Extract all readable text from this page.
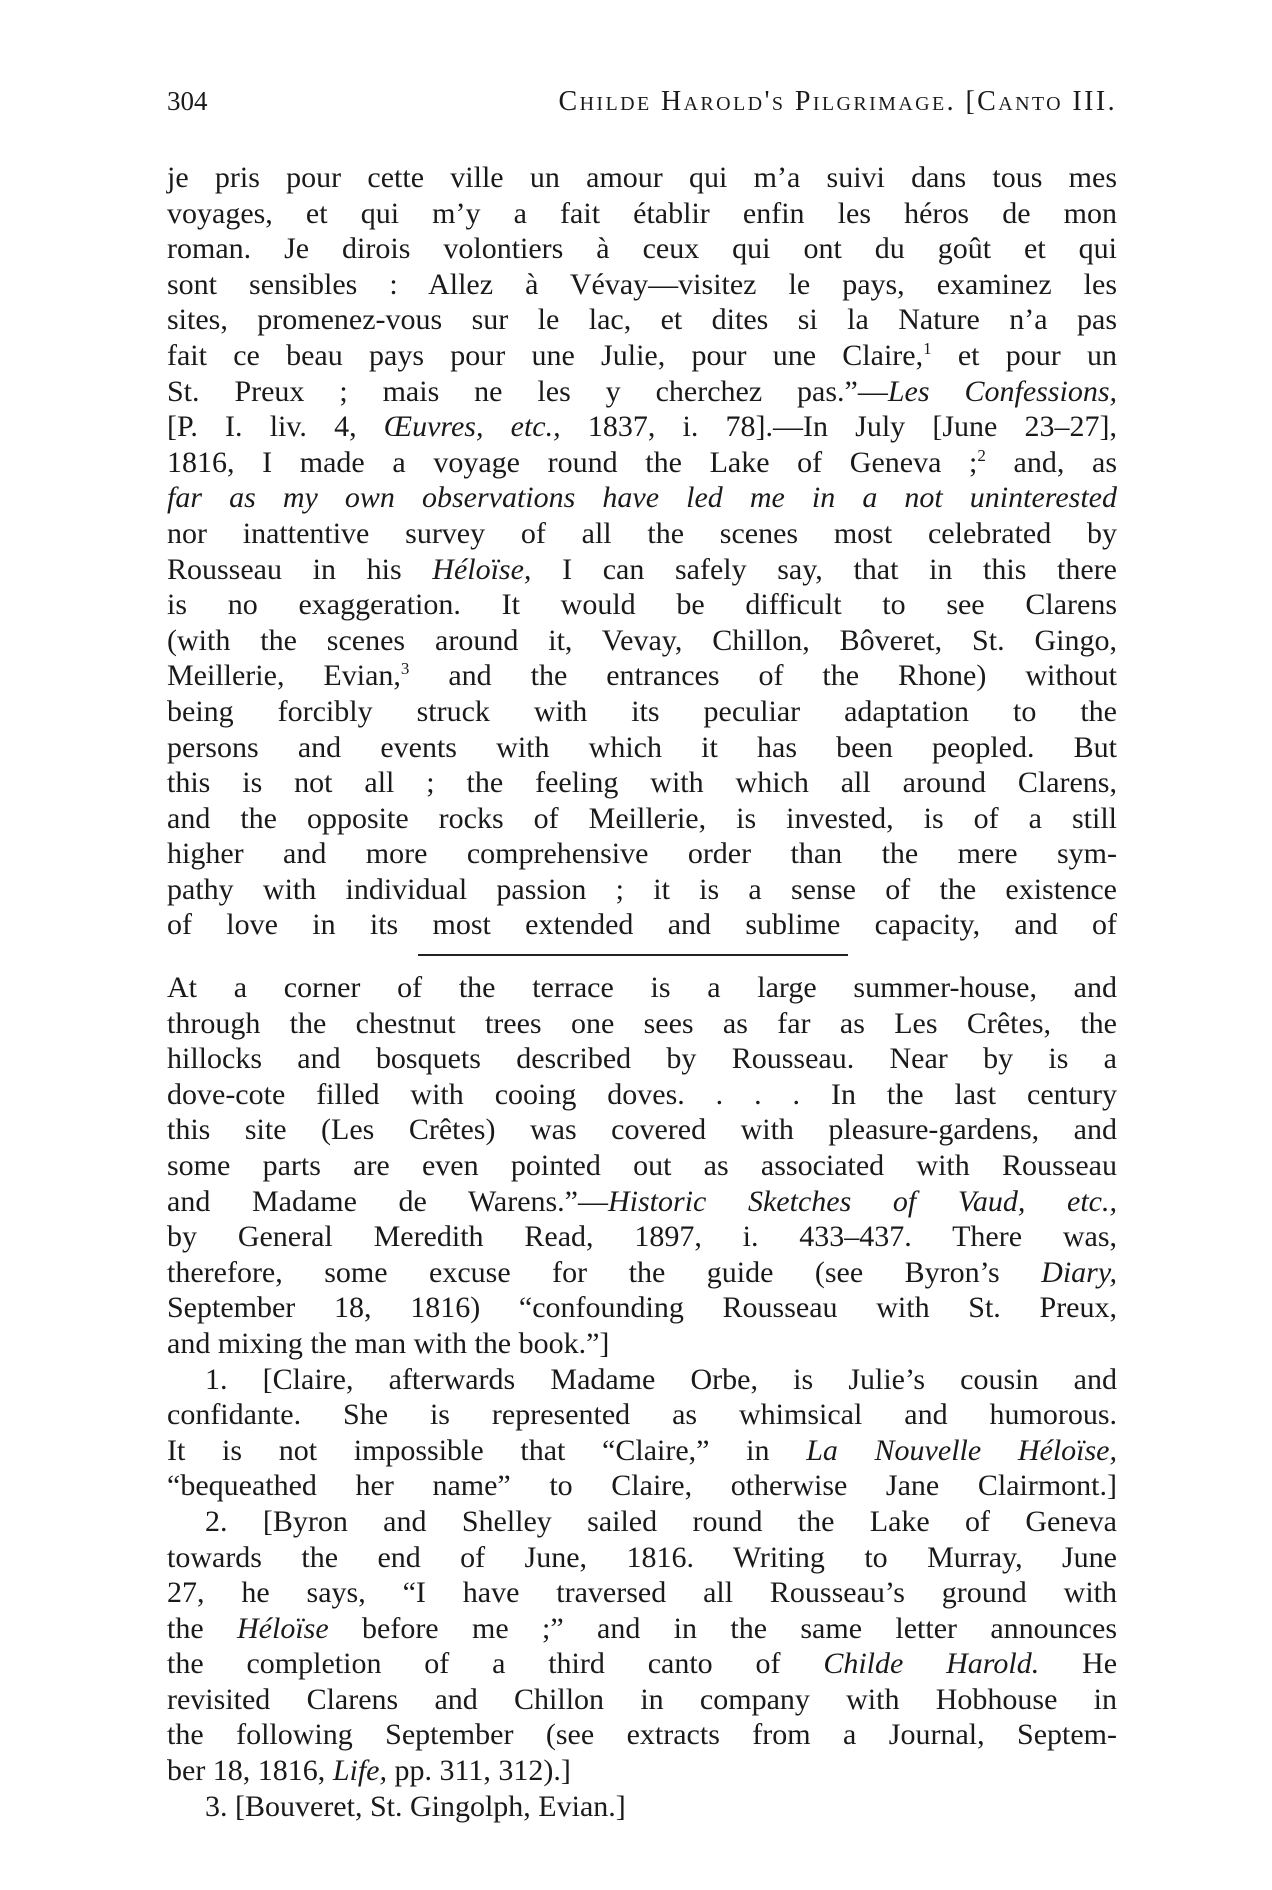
304	Childe Harold's Pilgrimage. [Canto III.
je pris pour cette ville un amour qui m’a suivi dans tous mes
voyages, et qui m’y a fait établir enfin les héros de mon
roman. Je dirois volontiers à ceux qui ont du goût et qui
sont sensibles : Allez à Vévay—visitez le pays, examinez les
sites, promenez-vous sur le lac, et dites si la Nature n’a pas
fait ce beau pays pour une Julie, pour une Claire,$^1$ et pour un
St. Preux ; mais ne les y cherchez pas.”—Les Confessions,
[P. I. liv. 4, Œuvres, etc., 1837, i. 78].—In July [June 23–27],
1816, I made a voyage round the Lake of Geneva ;$^2$ and, as
far as my own observations have led me in a not uninterested
nor inattentive survey of all the scenes most celebrated by
Rousseau in his Héloïse, I can safely say, that in this there
is no exaggeration. It would be difficult to see Clarens
(with the scenes around it, Vevay, Chillon, Bôveret, St. Gingo,
Meillerie, Evian,$^3$ and the entrances of the Rhone) without
being forcibly struck with its peculiar adaptation to the
persons and events with which it has been peopled. But
this is not all ; the feeling with which all around Clarens,
and the opposite rocks of Meillerie, is invested, is of a still
higher and more comprehensive order than the mere sym-
pathy with individual passion ; it is a sense of the existence
of love in its most extended and sublime capacity, and of
At a corner of the terrace is a large summer-house, and
through the chestnut trees one sees as far as Les Crêtes, the
hillocks and bosquets described by Rousseau. Near by is a
dove-cote filled with cooing doves. . . . In the last century
this site (Les Crêtes) was covered with pleasure-gardens, and
some parts are even pointed out as associated with Rousseau
and Madame de Warens.”—Historic Sketches of Vaud, etc.,
by General Meredith Read, 1897, i. 433–437. There was,
therefore, some excuse for the guide (see Byron’s Diary,
September 18, 1816) “confounding Rousseau with St. Preux,
and mixing the man with the book.”]
1. [Claire, afterwards Madame Orbe, is Julie’s cousin and
confidante. She is represented as whimsical and humorous.
It is not impossible that “Claire,” in La Nouvelle Héloïse,
“bequeathed her name” to Claire, otherwise Jane Clairmont.]
2. [Byron and Shelley sailed round the Lake of Geneva
towards the end of June, 1816. Writing to Murray, June
27, he says, “I have traversed all Rousseau’s ground with
the Héloïse before me ;” and in the same letter announces
the completion of a third canto of Childe Harold. He
revisited Clarens and Chillon in company with Hobhouse in
the following September (see extracts from a Journal, Septem-
ber 18, 1816, Life, pp. 311, 312).]
3. [Bouveret, St. Gingolph, Evian.]
